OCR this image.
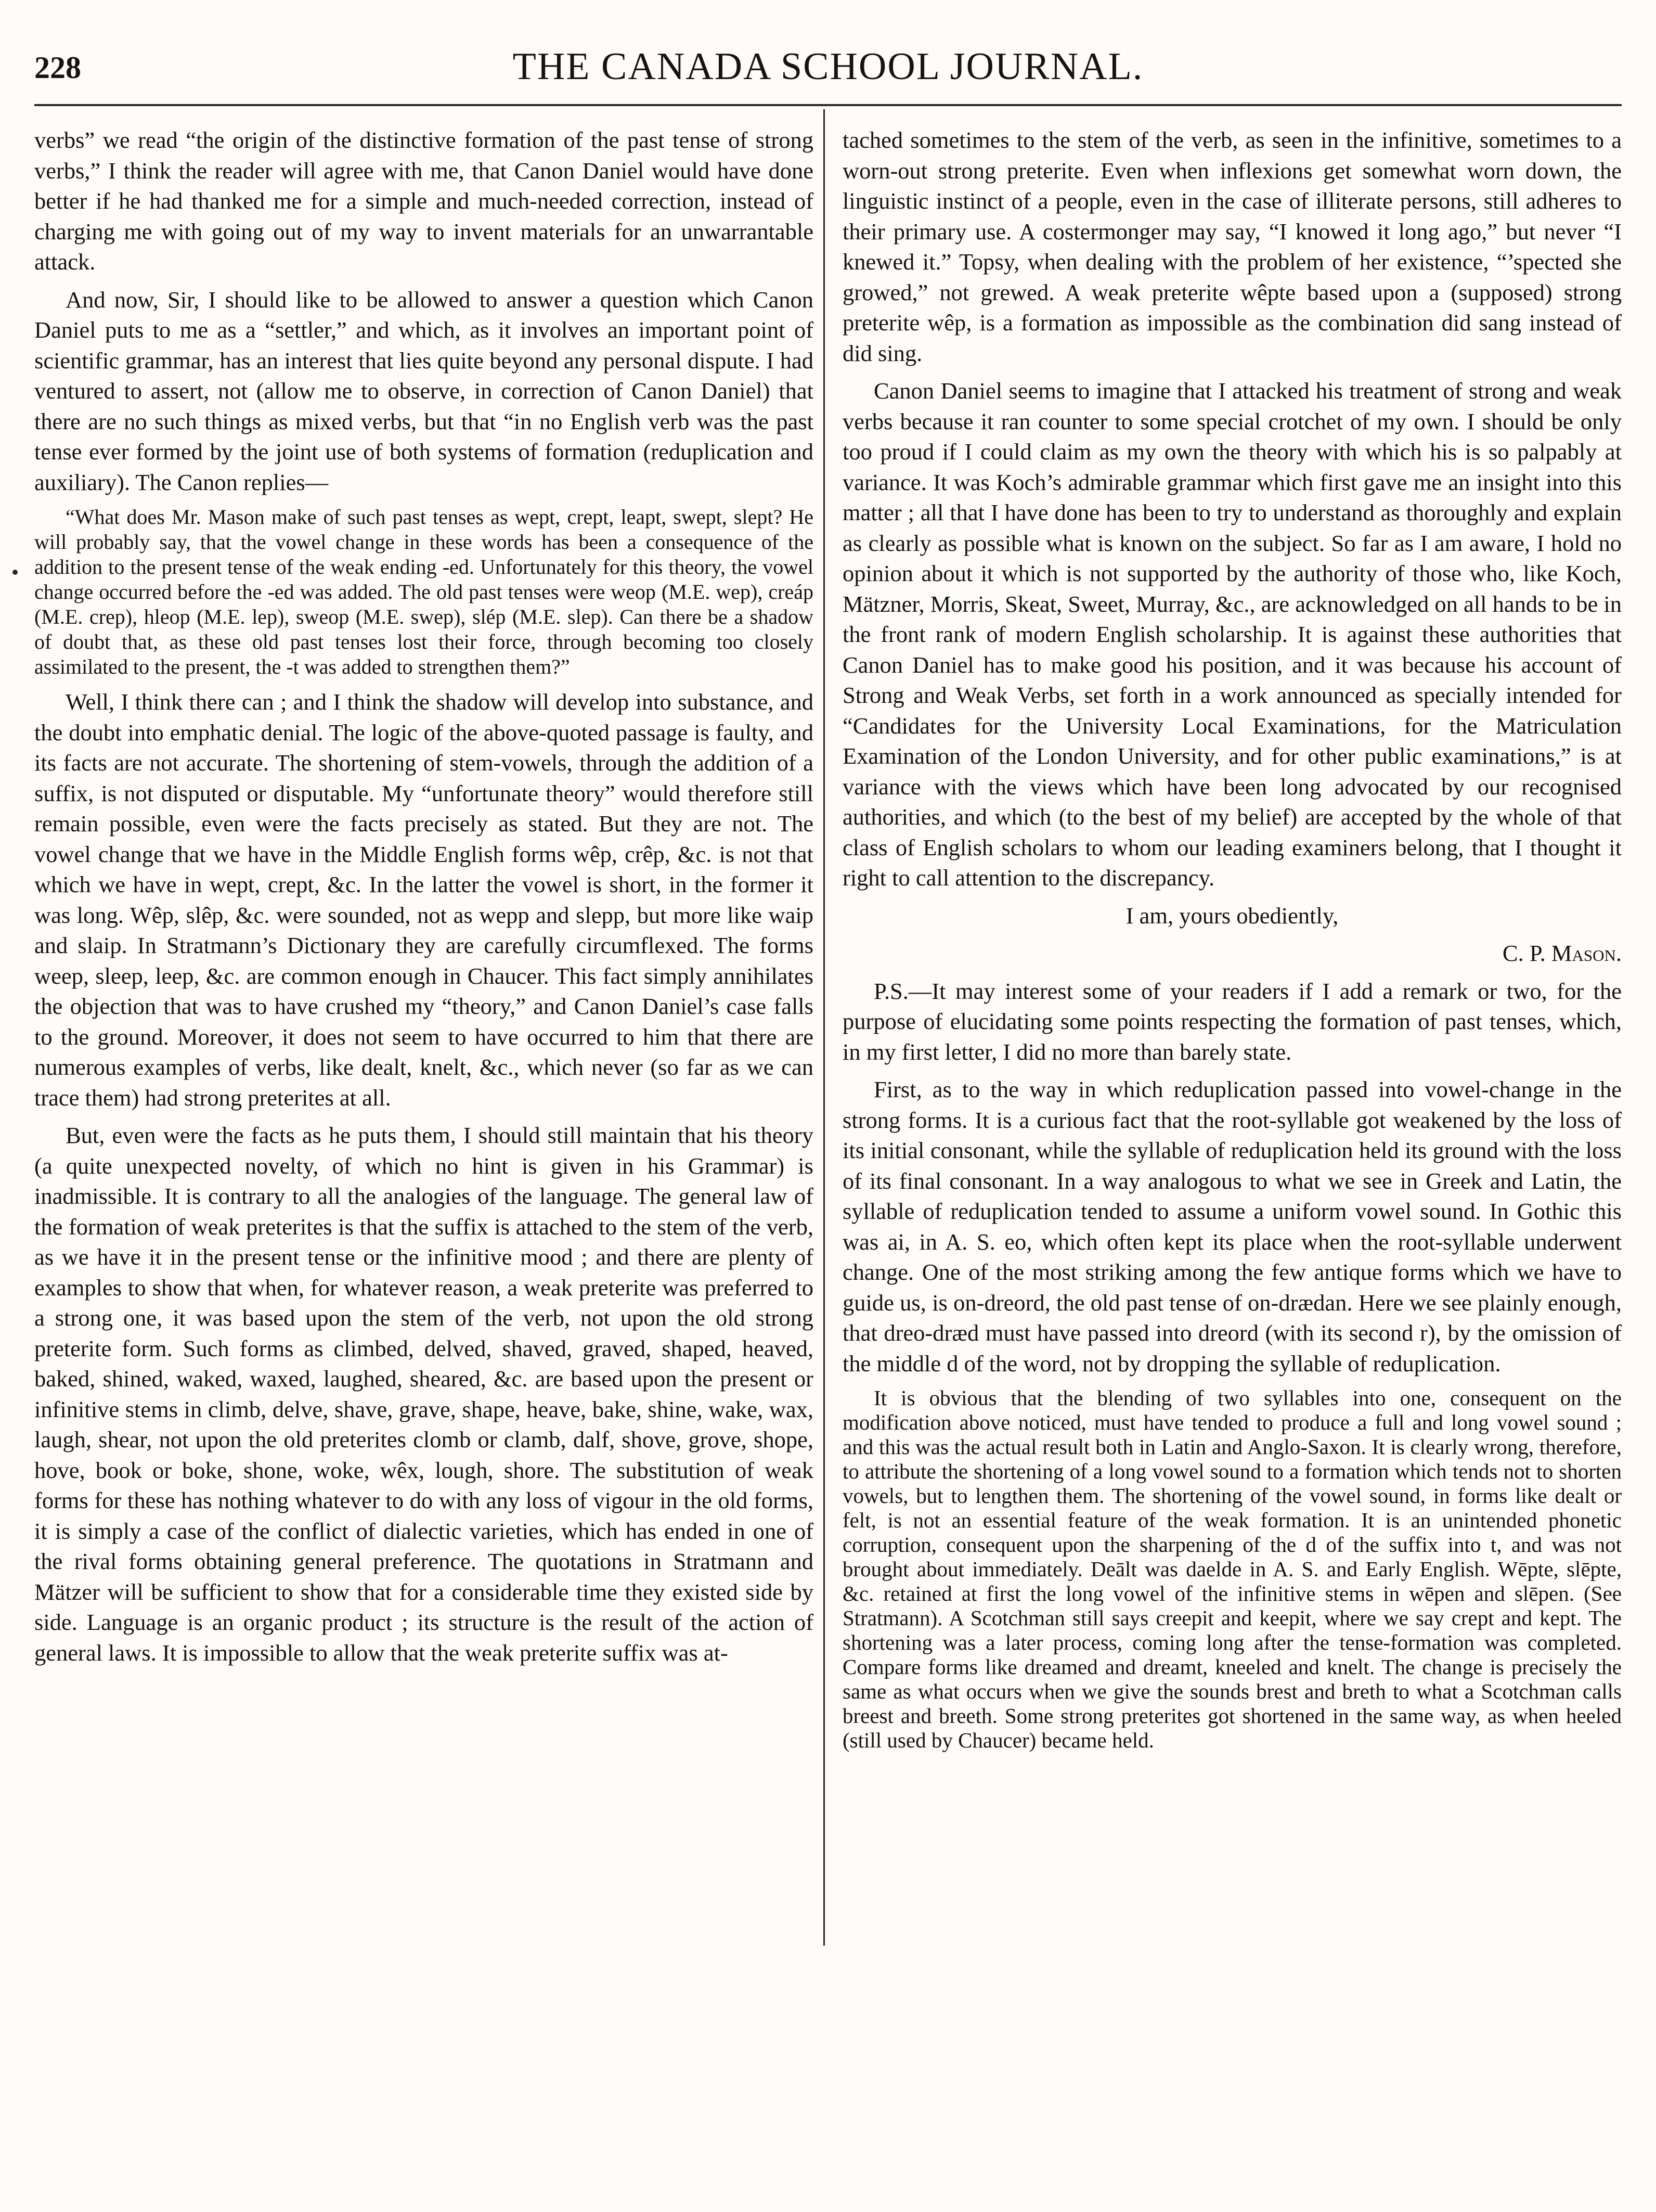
228	THE CANADA SCHOOL JOURNAL.

verbs” we read “the origin of the distinctive formation of the past tense of strong verbs,” I think the reader will agree with me, that Canon Daniel would have done better if he had thanked me for a simple and much-needed correction, instead of charging me with going out of my way to invent materials for an unwarrantable attack.

And now, Sir, I should like to be allowed to answer a question which Canon Daniel puts to me as a “settler,” and which, as it involves an important point of scientific grammar, has an interest that lies quite beyond any personal dispute. I had ventured to assert, not (allow me to observe, in correction of Canon Daniel) that there are no such things as mixed verbs, but that “in no English verb was the past tense ever formed by the joint use of both systems of formation (reduplication and auxiliary). The Canon replies—

“What does Mr. Mason make of such past tenses as wept, crept, leapt, swept, slept? He will probably say, that the vowel change in these words has been a consequence of the addition to the present tense of the weak ending -ed. Unfortunately for this theory, the vowel change occurred before the -ed was added. The old past tenses were weop (M.E. wep), creáp (M.E. crep), hleop (M.E. lep), sweop (M.E. swep), slép (M.E. slep). Can there be a shadow of doubt that, as these old past tenses lost their force, through becoming too closely assimilated to the present, the -t was added to strengthen them?”

Well, I think there can ; and I think the shadow will develop into substance, and the doubt into emphatic denial. The logic of the above-quoted passage is faulty, and its facts are not accurate. The shortening of stem-vowels, through the addition of a suffix, is not disputed or disputable. My “unfortunate theory” would therefore still remain possible, even were the facts precisely as stated. But they are not. The vowel change that we have in the Middle English forms wêp, crêp, &c. is not that which we have in wept, crept, &c. In the latter the vowel is short, in the former it was long. Wêp, slêp, &c. were sounded, not as wepp and slepp, but more like waip and slaip. In Stratmann’s Dictionary they are carefully circumflexed. The forms weep, sleep, leep, &c. are common enough in Chaucer. This fact simply annihilates the objection that was to have crushed my “theory,” and Canon Daniel’s case falls to the ground. Moreover, it does not seem to have occurred to him that there are numerous examples of verbs, like dealt, knelt, &c., which never (so far as we can trace them) had strong preterites at all.

But, even were the facts as he puts them, I should still maintain that his theory (a quite unexpected novelty, of which no hint is given in his Grammar) is inadmissible. It is contrary to all the analogies of the language. The general law of the formation of weak preterites is that the suffix is attached to the stem of the verb, as we have it in the present tense or the infinitive mood ; and there are plenty of examples to show that when, for whatever reason, a weak preterite was preferred to a strong one, it was based upon the stem of the verb, not upon the old strong preterite form. Such forms as climbed, delved, shaved, graved, shaped, heaved, baked, shined, waked, waxed, laughed, sheared, &c. are based upon the present or infinitive stems in climb, delve, shave, grave, shape, heave, bake, shine, wake, wax, laugh, shear, not upon the old preterites clomb or clamb, dalf, shove, grove, shope, hove, book or boke, shone, woke, wêx, lough, shore. The substitution of weak forms for these has nothing whatever to do with any loss of vigour in the old forms, it is simply a case of the conflict of dialectic varieties, which has ended in one of the rival forms obtaining general preference. The quotations in Stratmann and Mätzer will be sufficient to show that for a considerable time they existed side by side. Language is an organic product ; its structure is the result of the action of general laws. It is impossible to allow that the weak preterite suffix was at-

tached sometimes to the stem of the verb, as seen in the infinitive, sometimes to a worn-out strong preterite. Even when inflexions get somewhat worn down, the linguistic instinct of a people, even in the case of illiterate persons, still adheres to their primary use. A costermonger may say, “I knowed it long ago,” but never “I knewed it.” Topsy, when dealing with the problem of her existence, “’spected she growed,” not grewed. A weak preterite wêpte based upon a (supposed) strong preterite wêp, is a formation as impossible as the combination did sang instead of did sing.

Canon Daniel seems to imagine that I attacked his treatment of strong and weak verbs because it ran counter to some special crotchet of my own. I should be only too proud if I could claim as my own the theory with which his is so palpably at variance. It was Koch’s admirable grammar which first gave me an insight into this matter ; all that I have done has been to try to understand as thoroughly and explain as clearly as possible what is known on the subject. So far as I am aware, I hold no opinion about it which is not supported by the authority of those who, like Koch, Mätzner, Morris, Skeat, Sweet, Murray, &c., are acknowledged on all hands to be in the front rank of modern English scholarship. It is against these authorities that Canon Daniel has to make good his position, and it was because his account of Strong and Weak Verbs, set forth in a work announced as specially intended for “Candidates for the University Local Examinations, for the Matriculation Examination of the London University, and for other public examinations,” is at variance with the views which have been long advocated by our recognised authorities, and which (to the best of my belief) are accepted by the whole of that class of English scholars to whom our leading examiners belong, that I thought it right to call attention to the discrepancy.

I am, yours obediently,

C. P. Mason.

P.S.—It may interest some of your readers if I add a remark or two, for the purpose of elucidating some points respecting the formation of past tenses, which, in my first letter, I did no more than barely state.

First, as to the way in which reduplication passed into vowel-change in the strong forms. It is a curious fact that the root-syllable got weakened by the loss of its initial consonant, while the syllable of reduplication held its ground with the loss of its final consonant. In a way analogous to what we see in Greek and Latin, the syllable of reduplication tended to assume a uniform vowel sound. In Gothic this was ai, in A. S. eo, which often kept its place when the root-syllable underwent change. One of the most striking among the few antique forms which we have to guide us, is on-dreord, the old past tense of on-drædan. Here we see plainly enough, that dreo-dræd must have passed into dreord (with its second r), by the omission of the middle d of the word, not by dropping the syllable of reduplication.

It is obvious that the blending of two syllables into one, consequent on the modification above noticed, must have tended to produce a full and long vowel sound ; and this was the actual result both in Latin and Anglo-Saxon. It is clearly wrong, therefore, to attribute the shortening of a long vowel sound to a formation which tends not to shorten vowels, but to lengthen them. The shortening of the vowel sound, in forms like dealt or felt, is not an essential feature of the weak formation. It is an unintended phonetic corruption, consequent upon the sharpening of the d of the suffix into t, and was not brought about immediately. Deālt was daelde in A. S. and Early English. Wēpte, slēpte, &c. retained at first the long vowel of the infinitive stems in wēpen and slēpen. (See Stratmann). A Scotchman still says creepit and keepit, where we say crept and kept. The shortening was a later process, coming long after the tense-formation was completed. Compare forms like dreamed and dreamt, kneeled and knelt. The change is precisely the same as what occurs when we give the sounds brest and breth to what a Scotchman calls breest and breeth. Some strong preterites got shortened in the same way, as when heeled (still used by Chaucer) became held.
